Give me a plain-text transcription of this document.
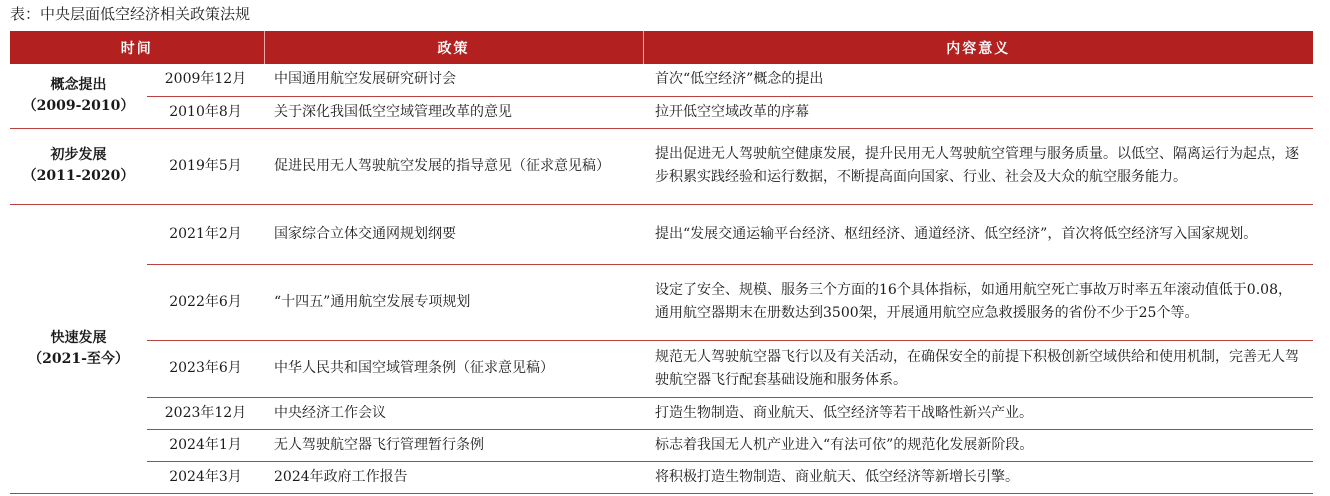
表：中央层面低空经济相关政策法规
时间		政策	内容意义

概念提出
（2009-2010）	2009年12月	中国通用航空发展研究研讨会	首次“低空经济”概念的提出
	2010年8月	关于深化我国低空空域管理改革的意见	拉开低空空域改革的序幕

初步发展
（2011-2020）	2019年5月	促进民用无人驾驶航空发展的指导意见（征求意见稿）	提出促进无人驾驶航空健康发展，提升民用无人驾驶航空管理与服务质量。以低空、隔离运行为起点，逐步积累实践经验和运行数据，不断提高面向国家、行业、社会及大众的航空服务能力。

快速发展
（2021-至今）	2021年2月	国家综合立体交通网规划纲要	提出“发展交通运输平台经济、枢纽经济、通道经济、低空经济”，首次将低空经济写入国家规划。
	2022年6月	“十四五”通用航空发展专项规划	设定了安全、规模、服务三个方面的16个具体指标，如通用航空死亡事故万时率五年滚动值低于0.08，通用航空器期末在册数达到3500架，开展通用航空应急救援服务的省份不少于25个等。
	2023年6月	中华人民共和国空域管理条例（征求意见稿）	规范无人驾驶航空器飞行以及有关活动，在确保安全的前提下积极创新空域供给和使用机制，完善无人驾驶航空器飞行配套基础设施和服务体系。
	2023年12月	中央经济工作会议	打造生物制造、商业航天、低空经济等若干战略性新兴产业。
	2024年1月	无人驾驶航空器飞行管理暂行条例	标志着我国无人机产业进入“有法可依”的规范化发展新阶段。
	2024年3月	2024年政府工作报告	将积极打造生物制造、商业航天、低空经济等新增长引擎。
